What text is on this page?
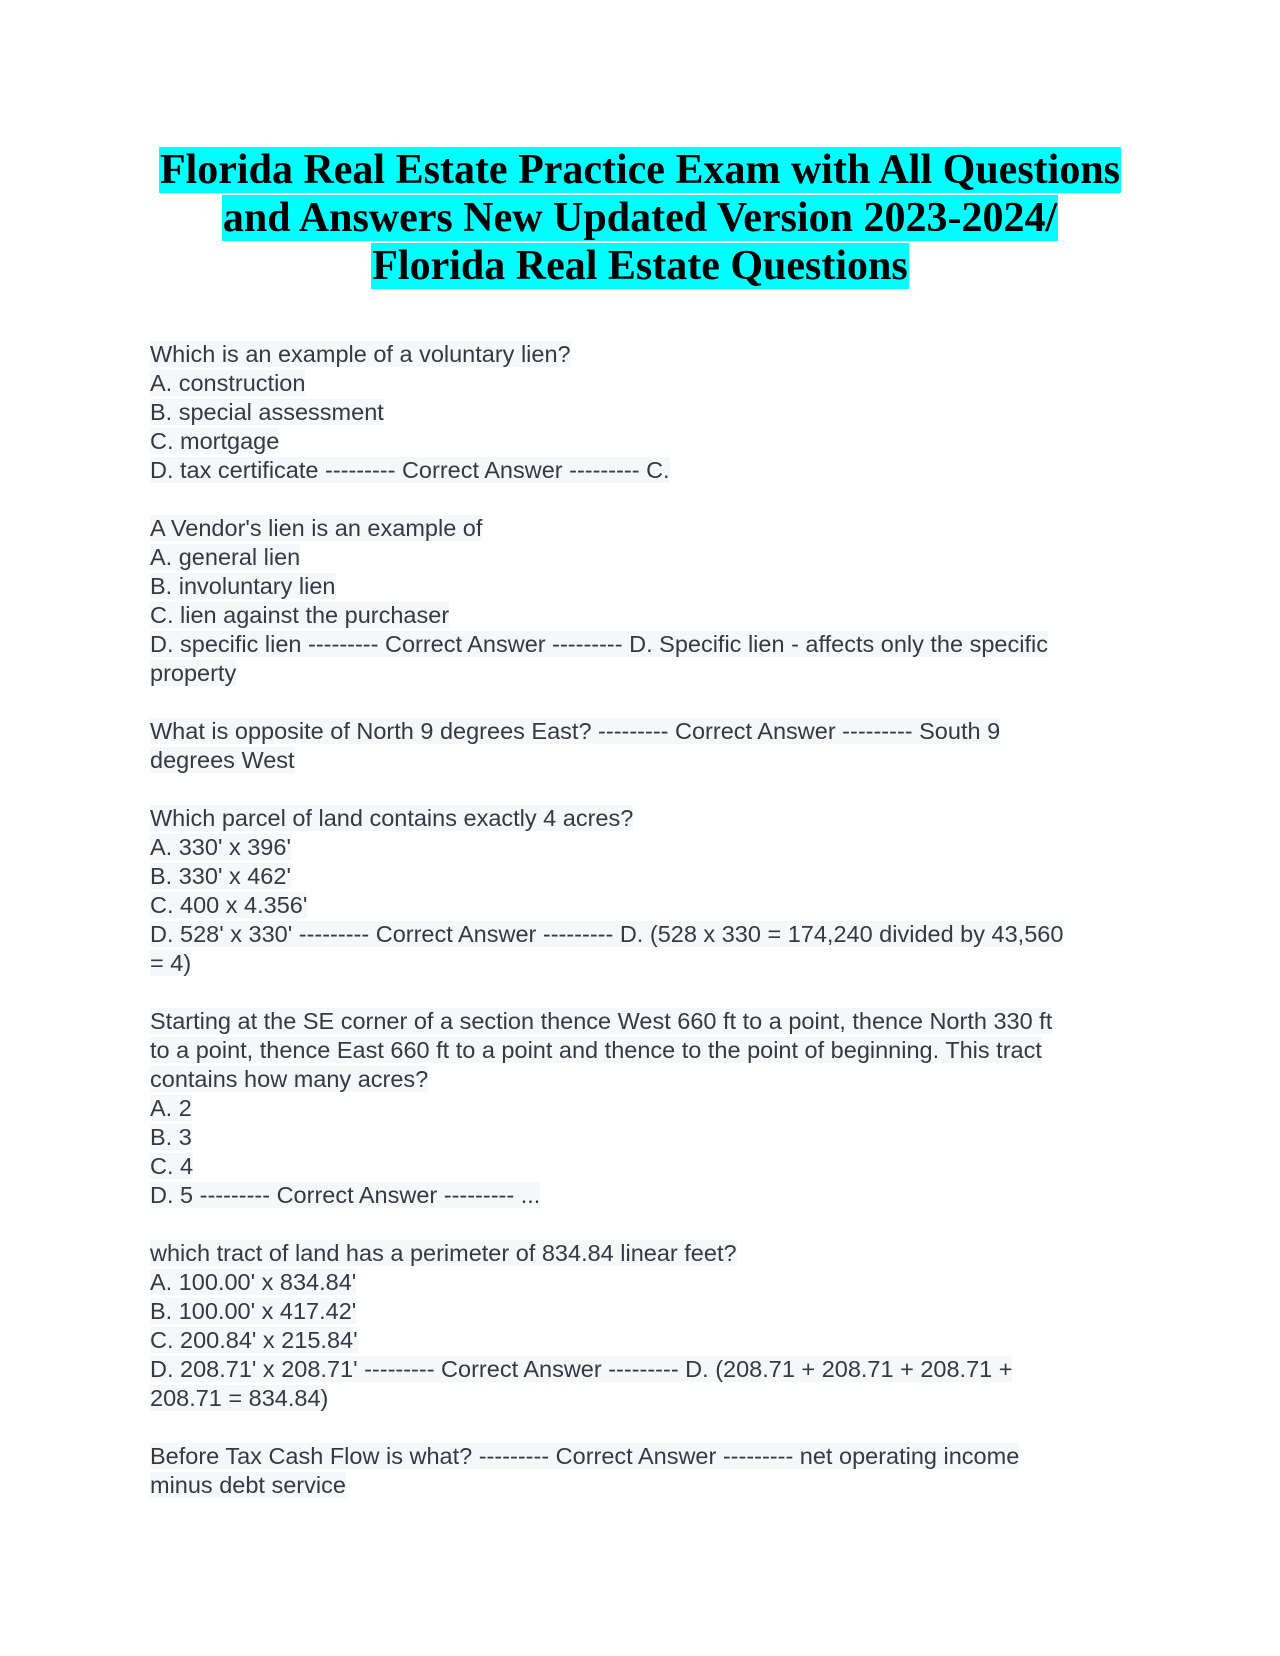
Florida Real Estate Practice Exam with All Questions
and Answers New Updated Version 2023-2024/
Florida Real Estate Questions
Which is an example of a voluntary lien?
A. construction
B. special assessment
C. mortgage
D. tax certificate --------- Correct Answer --------- C.
A Vendor's lien is an example of
A. general lien
B. involuntary lien
C. lien against the purchaser
D. specific lien --------- Correct Answer --------- D. Specific lien - affects only the specific
property
What is opposite of North 9 degrees East? --------- Correct Answer --------- South 9
degrees West
Which parcel of land contains exactly 4 acres?
A. 330' x 396'
B. 330' x 462'
C. 400 x 4.356'
D. 528' x 330' --------- Correct Answer --------- D. (528 x 330 = 174,240 divided by 43,560
= 4)
Starting at the SE corner of a section thence West 660 ft to a point, thence North 330 ft
to a point, thence East 660 ft to a point and thence to the point of beginning. This tract
contains how many acres?
A. 2
B. 3
C. 4
D. 5 --------- Correct Answer --------- ...
which tract of land has a perimeter of 834.84 linear feet?
A. 100.00' x 834.84'
B. 100.00' x 417.42'
C. 200.84' x 215.84'
D. 208.71' x 208.71' --------- Correct Answer --------- D. (208.71 + 208.71 + 208.71 +
208.71 = 834.84)
Before Tax Cash Flow is what? --------- Correct Answer --------- net operating income
minus debt service
